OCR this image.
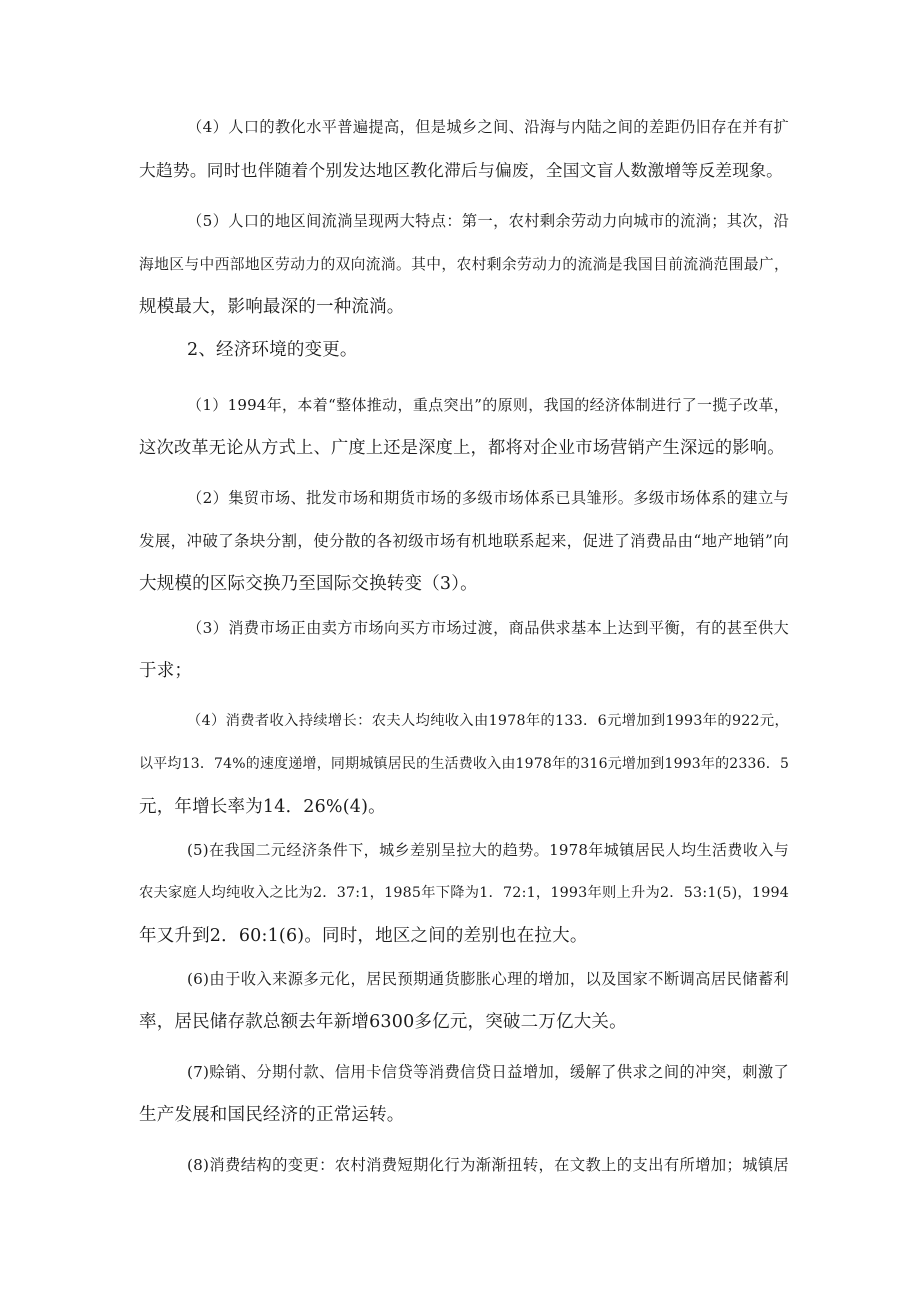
（4）人口的教化水平普遍提高，但是城乡之间、沿海与内陆之间的差距仍旧存在并有扩
大趋势。同时也伴随着个别发达地区教化滞后与偏废，全国文盲人数激增等反差现象。
（5）人口的地区间流淌呈现两大特点：第一，农村剩余劳动力向城市的流淌；其次，沿
海地区与中西部地区劳动力的双向流淌。其中，农村剩余劳动力的流淌是我国目前流淌范围最广，
规模最大，影响最深的一种流淌。
2、经济环境的变更。
（1）1994年，本着“整体推动，重点突出”的原则，我国的经济体制进行了一揽子改革，
这次改革无论从方式上、广度上还是深度上，都将对企业市场营销产生深远的影响。
（2）集贸市场、批发市场和期货市场的多级市场体系已具雏形。多级市场体系的建立与
发展，冲破了条块分割，使分散的各初级市场有机地联系起来，促进了消费品由“地产地销”向
大规模的区际交换乃至国际交换转变（3）。
（3）消费市场正由卖方市场向买方市场过渡，商品供求基本上达到平衡，有的甚至供大
于求；
（4）消费者收入持续增长：农夫人均纯收入由1978年的133．6元增加到1993年的922元，
以平均13．74%的速度递增，同期城镇居民的生活费收入由1978年的316元增加到1993年的2336．5
元，年增长率为14．26%(4)。
(5)在我国二元经济条件下，城乡差别呈拉大的趋势。1978年城镇居民人均生活费收入与
农夫家庭人均纯收入之比为2．37:1，1985年下降为1．72:1，1993年则上升为2．53:1(5)，1994
年又升到2．60:1(6)。同时，地区之间的差别也在拉大。
(6)由于收入来源多元化，居民预期通货膨胀心理的增加，以及国家不断调高居民储蓄利
率，居民储存款总额去年新增6300多亿元，突破二万亿大关。
(7)赊销、分期付款、信用卡信贷等消费信贷日益增加，缓解了供求之间的冲突，刺激了
生产发展和国民经济的正常运转。
(8)消费结构的变更：农村消费短期化行为渐渐扭转，在文教上的支出有所增加；城镇居
